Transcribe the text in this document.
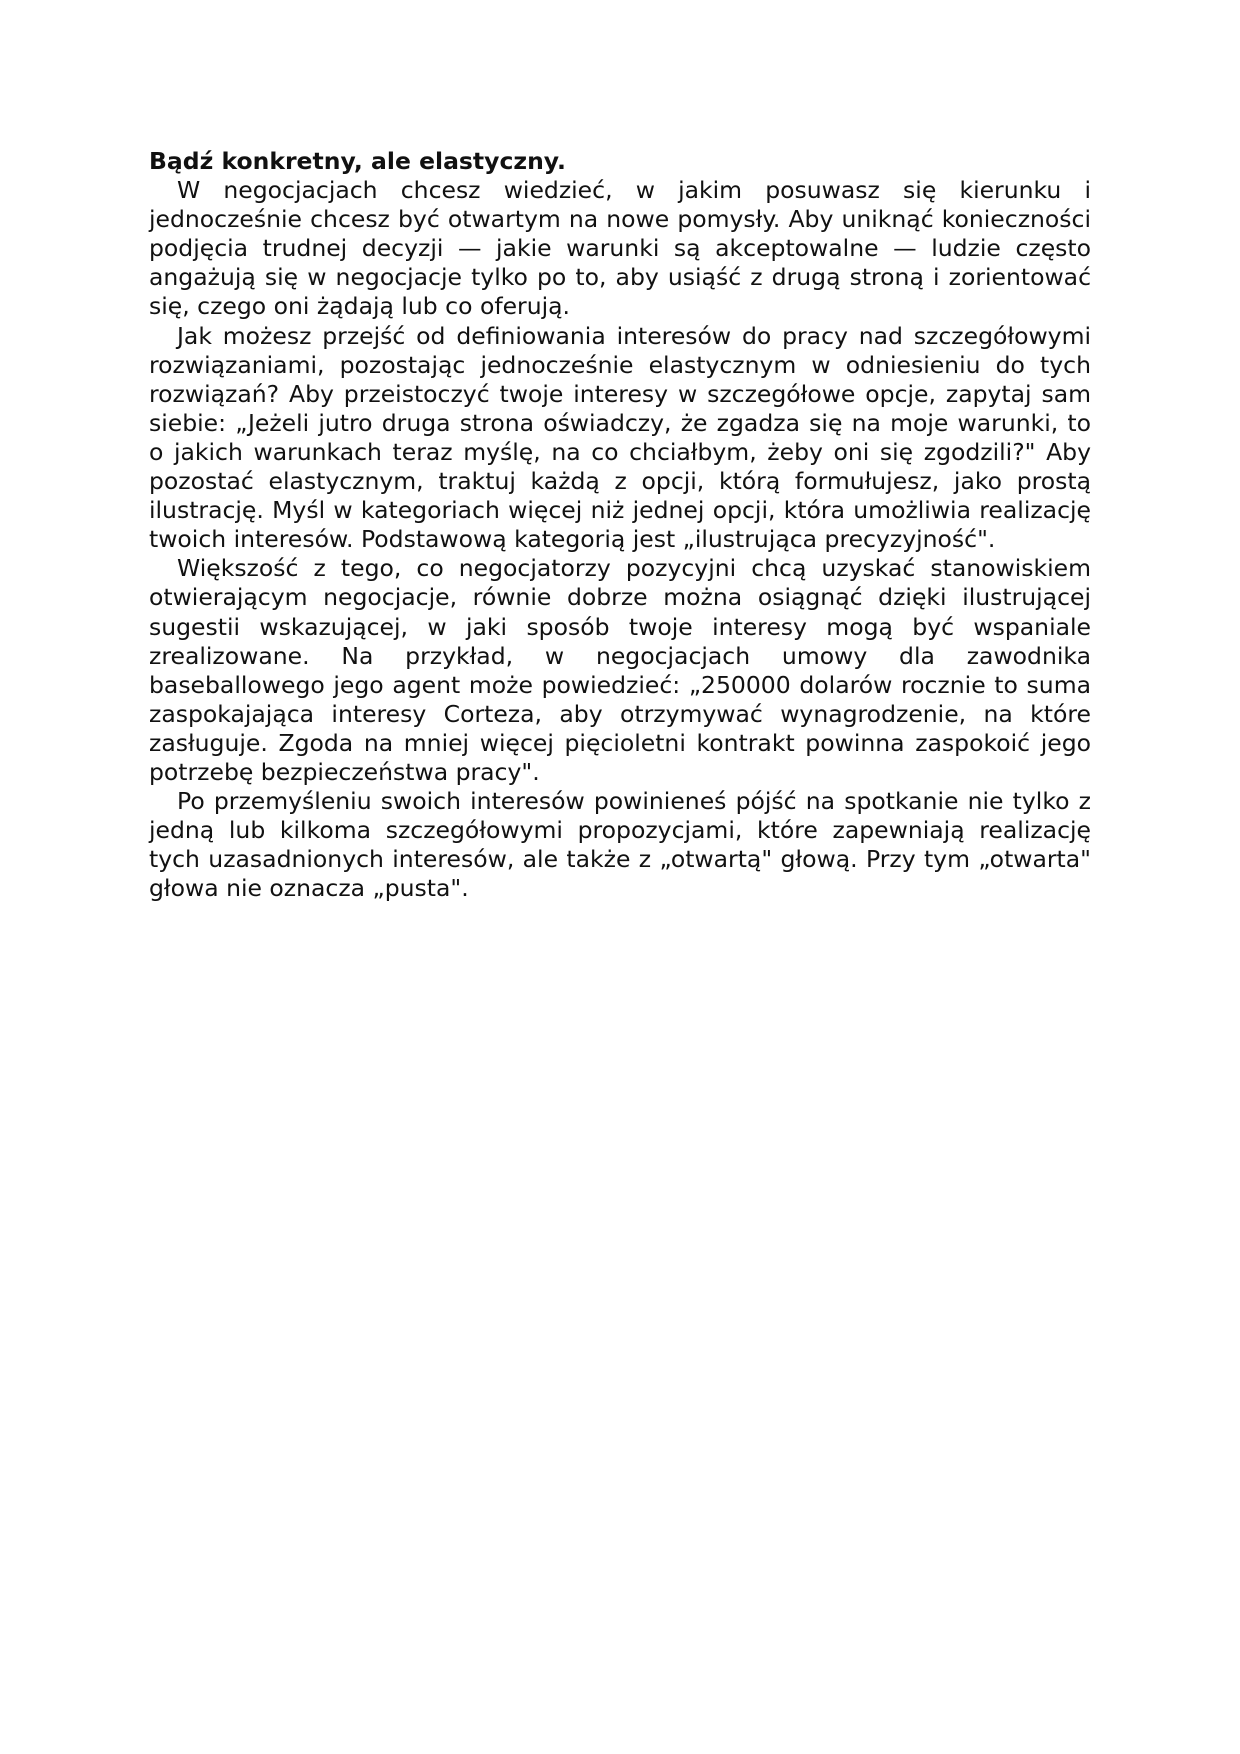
Bądź konkretny, ale elastyczny.

W negocjacjach chcesz wiedzieć, w jakim posuwasz się kierunku i jednocześnie chcesz być otwartym na nowe pomysły. Aby uniknąć konieczności podjęcia trudnej decyzji — jakie warunki są akceptowalne — ludzie często angażują się w negocjacje tylko po to, aby usiąść z drugą stroną i zorientować się, czego oni żądają lub co oferują.

Jak możesz przejść od definiowania interesów do pracy nad szczegółowymi rozwiązaniami, pozostając jednocześnie elastycznym w odniesieniu do tych rozwiązań? Aby przeistoczyć twoje interesy w szczegółowe opcje, zapytaj sam siebie: „Jeżeli jutro druga strona oświadczy, że zgadza się na moje warunki, to o jakich warunkach teraz myślę, na co chciałbym, żeby oni się zgodzili?" Aby pozostać elastycznym, traktuj każdą z opcji, którą formułujesz, jako prostą ilustrację. Myśl w kategoriach więcej niż jednej opcji, która umożliwia realizację twoich interesów. Podstawową kategorią jest „ilustrująca precyzyjność".

Większość z tego, co negocjatorzy pozycyjni chcą uzyskać stanowiskiem otwierającym negocjacje, równie dobrze można osiągnąć dzięki ilustrującej sugestii wskazującej, w jaki sposób twoje interesy mogą być wspaniale zrealizowane. Na przykład, w negocjacjach umowy dla zawodnika baseballowego jego agent może powiedzieć: „250000 dolarów rocznie to suma zaspokajająca interesy Corteza, aby otrzymywać wynagrodzenie, na które zasługuje. Zgoda na mniej więcej pięcioletni kontrakt powinna zaspokoić jego potrzebę bezpieczeństwa pracy".

Po przemyśleniu swoich interesów powinieneś pójść na spotkanie nie tylko z jedną lub kilkoma szczegółowymi propozycjami, które zapewniają realizację tych uzasadnionych interesów, ale także z „otwartą" głową. Przy tym „otwarta" głowa nie oznacza „pusta".
